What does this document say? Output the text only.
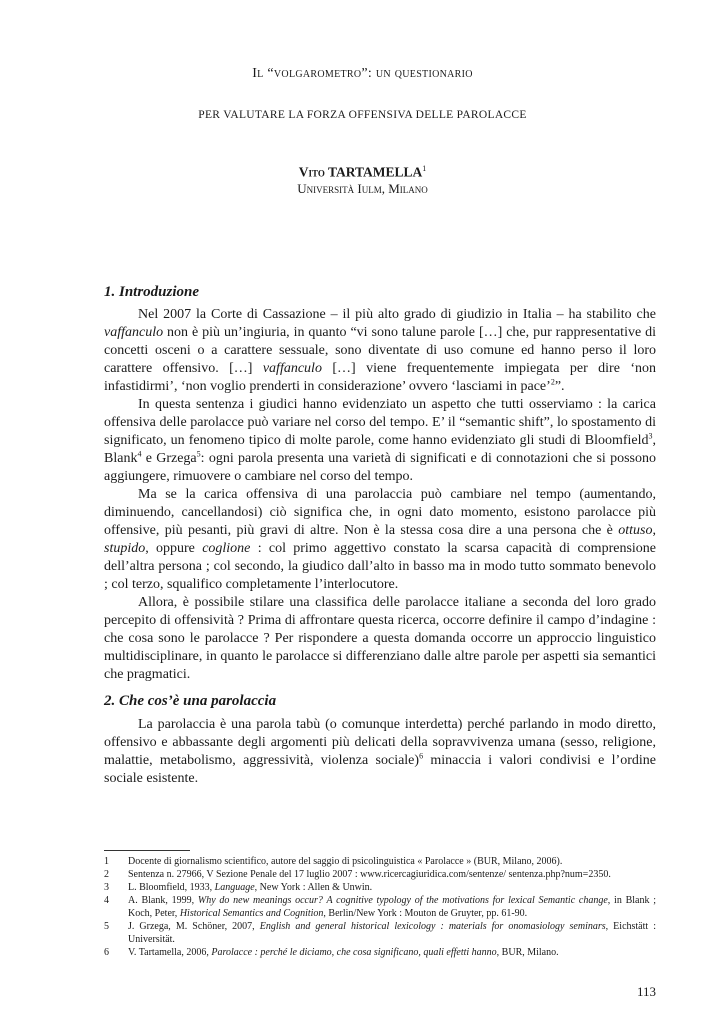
Il “volgarometro”: un questionario
PER VALUTARE LA FORZA OFFENSIVA DELLE PAROLACCE
Vito TARTAMELLA$^1$
Università Iulm, Milano
1. Introduzione

Nel 2007 la Corte di Cassazione – il più alto grado di giudizio in Italia – ha stabilito che vaffanculo non è più un’ingiuria, in quanto “vi sono talune parole […] che, pur rappresentative di concetti osceni o a carattere sessuale, sono diventate di uso comune ed hanno perso il loro carattere offensivo. […] vaffanculo […] viene frequentemente impiegata per dire ‘non infastidirmi’, ‘non voglio prenderti in considerazione’ ovvero ‘lasciami in pace’$^2$”.

In questa sentenza i giudici hanno evidenziato un aspetto che tutti osserviamo : la carica offensiva delle parolacce può variare nel corso del tempo. E’ il “semantic shift”, lo spostamento di significato, un fenomeno tipico di molte parole, come hanno evidenziato gli studi di Bloomfield$^3$, Blank$^4$ e Grzega$^5$: ogni parola presenta una varietà di significati e di connotazioni che si possono aggiungere, rimuovere o cambiare nel corso del tempo.

Ma se la carica offensiva di una parolaccia può cambiare nel tempo (aumentando, diminuendo, cancellandosi) ciò significa che, in ogni dato momento, esistono parolacce più offensive, più pesanti, più gravi di altre. Non è la stessa cosa dire a una persona che è ottuso, stupido, oppure coglione : col primo aggettivo constato la scarsa capacità di comprensione dell’altra persona ; col secondo, la giudico dall’alto in basso ma in modo tutto sommato benevolo ; col terzo, squalifico completamente l’interlocutore.

Allora, è possibile stilare una classifica delle parolacce italiane a seconda del loro grado percepito di offensività ? Prima di affrontare questa ricerca, occorre definire il campo d’indagine : che cosa sono le parolacce ? Per rispondere a questa domanda occorre un approccio linguistico multidisciplinare, in quanto le parolacce si differenziano dalle altre parole per aspetti sia semantici che pragmatici.

2. Che cos’è una parolaccia

La parolaccia è una parola tabù (o comunque interdetta) perché parlando in modo diretto, offensivo e abbassante degli argomenti più delicati della sopravvivenza umana (sesso, religione, malattie, metabolismo, aggressività, violenza sociale)$^6$ minaccia i valori condivisi e l’ordine sociale esistente.

1	Docente di giornalismo scientifico, autore del saggio di psicolinguistica « Parolacce » (BUR, Milano, 2006).
2	Sentenza n. 27966, V Sezione Penale del 17 luglio 2007 : www.ricercagiuridica.com/sentenze/ sentenza.php?num=2350.
3	L. Bloomfield, 1933, Language, New York : Allen & Unwin.
4	A. Blank, 1999, Why do new meanings occur? A cognitive typology of the motivations for lexical Semantic change, in Blank ; Koch, Peter, Historical Semantics and Cognition, Berlin/New York : Mouton de Gruyter, pp. 61-90.
5	J. Grzega, M. Schöner, 2007, English and general historical lexicology : materials for onomasiology seminars, Eichstätt : Universität.
6	V. Tartamella, 2006, Parolacce : perché le diciamo, che cosa significano, quali effetti hanno, BUR, Milano.
113
